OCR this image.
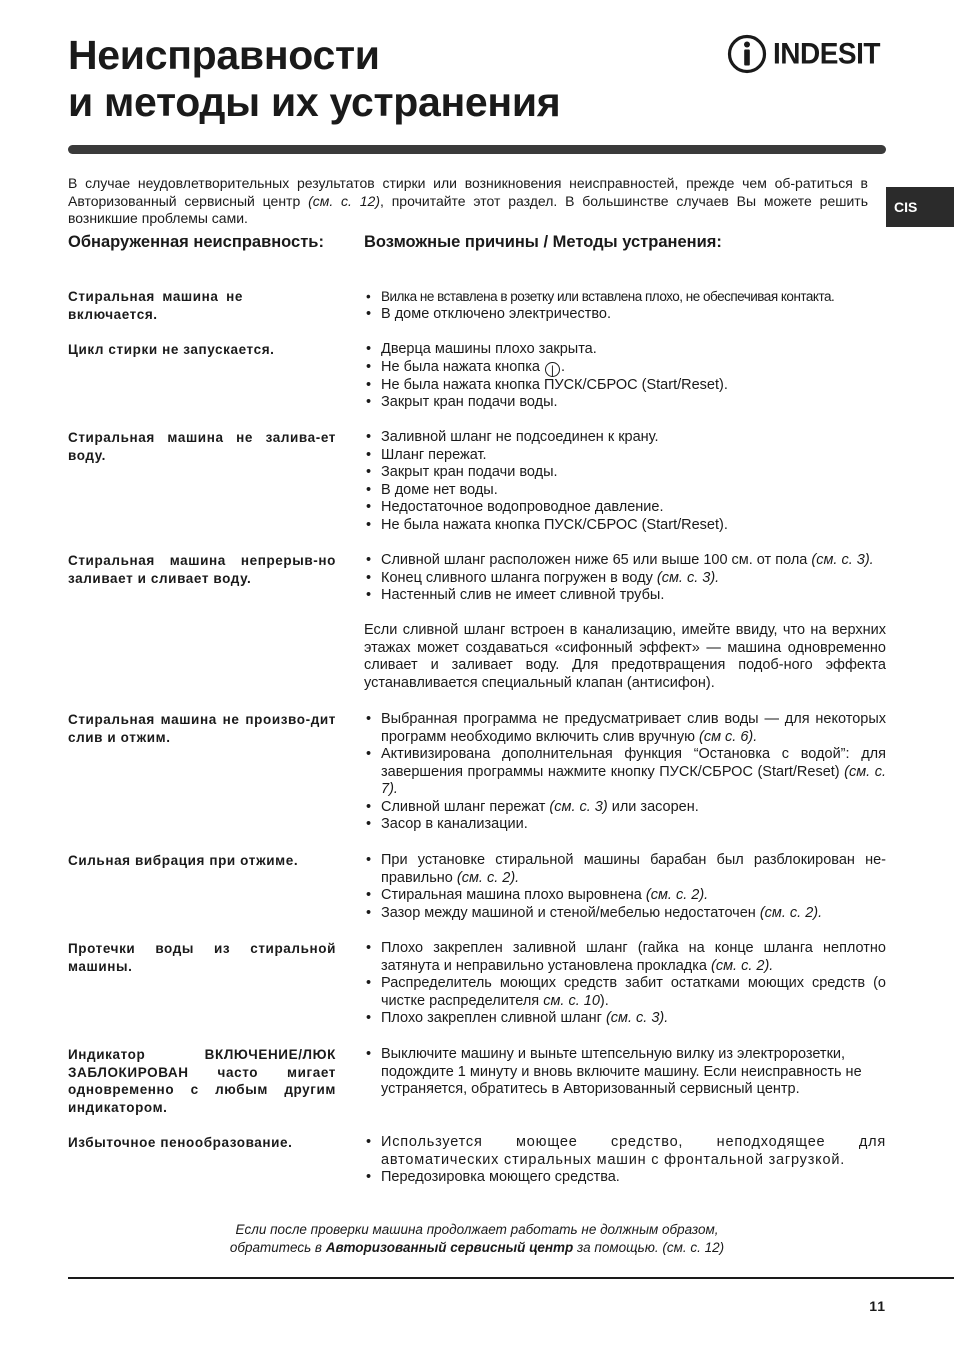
Неисправности
и методы их устранения
INDESIT
CIS

В случае неудовлетворительных результатов стирки или возникновения неисправностей, прежде чем об-ратиться в Авторизованный сервисный центр (см. с. 12), прочитайте этот раздел. В большинстве случаев Вы можете решить возникшие проблемы сами.

Обнаруженная неисправность: Возможные причины / Методы устранения:

Стиральная машина не включается.

• Вилка не вставлена в розетку или вставлена плохо, не обеспечивая контакта.
• В доме отключено электричество.

Цикл стирки не запускается.	• Дверца машины плохо закрыта.
• Не была нажата кнопка | .
• Не была нажата кнопка ПУСК/СБРОС (Start/Reset).
• Закрыт кран подачи воды.

Стиральная машина не залива-ет воду.

• Заливной шланг не подсоединен к крану.
• Шланг пережат.
• Закрыт кран подачи воды.
• В доме нет воды.
• Недостаточное водопроводное давление.
• Не была нажата кнопка ПУСК/СБРОС (Start/Reset).

Стиральная машина непрерыв-но заливает и сливает воду.

• Сливной шланг расположен ниже 65 или выше 100 см. от пола (см. с. 3).
• Конец сливного шланга погружен в воду (см. с. 3).
• Настенный слив не имеет сливной трубы.

Если сливной шланг встроен в канализацию, имейте ввиду, что на верхних этажах может создаваться «сифонный эффект» — машина одновременно сливает и заливает воду. Для предотвращения подоб-ного эффекта устанавливается специальный клапан (антисифон).

Стиральная машина не произво-дит слив и отжим.

• Выбранная программа не предусматривает слив воды — для некоторых программ необходимо включить слив вручную (см с. 6).
• Активизирована дополнительная функция “Остановка с водой”: для завершения программы нажмите кнопку ПУСК/СБРОС (Start/Reset) (см. с. 7).
• Сливной шланг пережат (см. с. 3) или засорен.
• Засор в канализации.

Сильная вибрация при отжиме.	• При установке стиральной машины барабан был разблокирован не-правильно (см. с. 2).
• Стиральная машина плохо выровнена (см. с. 2).
• Зазор между машиной и стеной/мебелью недостаточен (см. с. 2).

Протечки воды из стиральной машины.

• Плохо закреплен заливной шланг (гайка на конце шланга неплотно затянута и неправильно установлена прокладка (см. с. 2).
• Распределитель моющих средств забит остатками моющих средств (о чистке распределителя см. с. 10).
• Плохо закреплен сливной шланг (см. с. 3).

Индикатор ВКЛЮЧЕНИЕ/ЛЮК ЗАБЛОКИРОВАН часто мигает одновременно с любым другим индикатором.

• Выключите машину и выньте штепсельную вилку из электророзетки, подождите 1 минуту и вновь включите машину. Если неисправность не устраняется, обратитесь в Авторизованный сервисный центр.

Избыточное пенообразование.	• Используется моющее средство, неподходящее для автоматических стиральных машин с фронтальной загрузкой.
• Передозировка моющего средства.

Если после проверки машина продолжает работать не должным образом,
обратитесь в Авторизованный сервисный центр за помощью. (см. с. 12)

11
